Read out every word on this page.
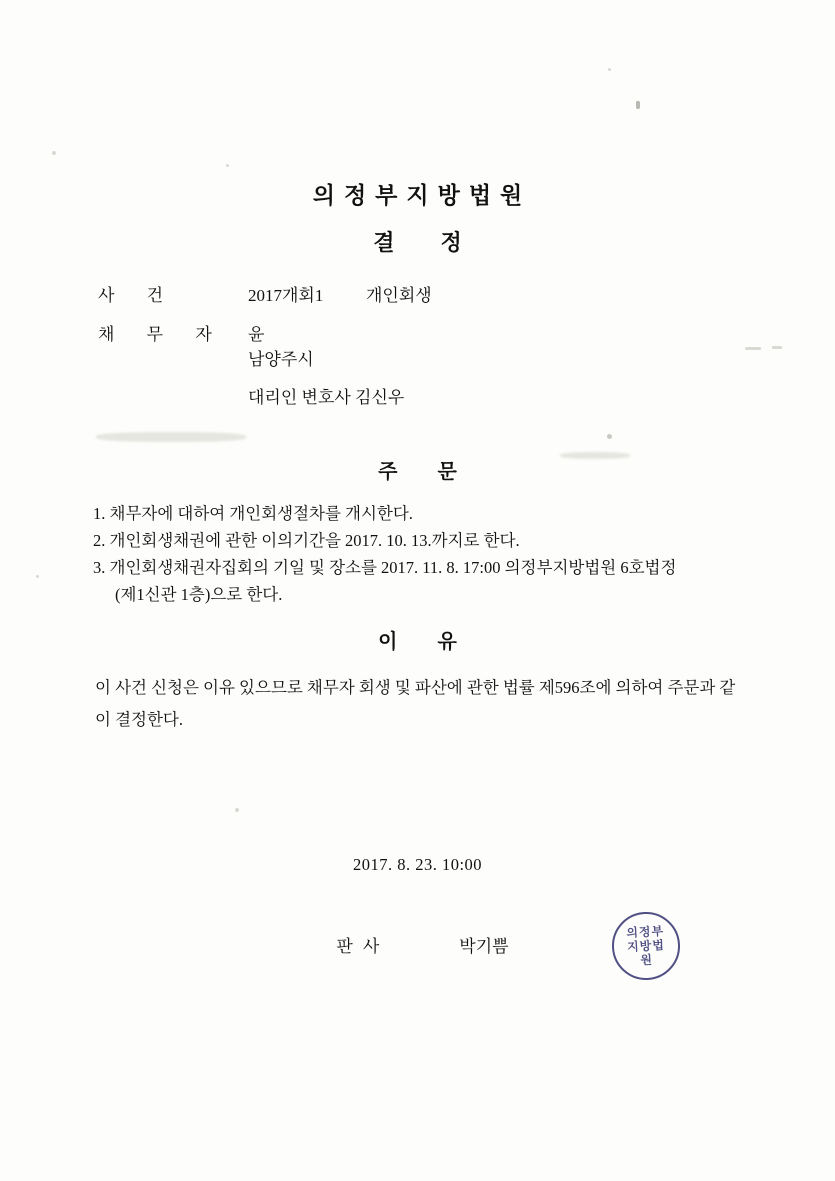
의정부지방법원
결정
사 건	2017개회1	개인회생
채 무 자 윤
남양주시
대리인 변호사 김신우
주문

1. 채무자에 대하여 개인회생절차를 개시한다.

2. 개인회생채권에 관한 이의기간을 2017. 10. 13.까지로 한다.

3. 개인회생채권자집회의 기일 및 장소를 2017. 11. 8. 17:00 의정부지방법원 6호법정

(제1신관 1층)으로 한다.

이유

이 사건 신청은 이유 있으므로 채무자 회생 및 파산에 관한 법률 제596조에 의하여 주문과 같이 결정한다.

2017. 8. 23. 10:00
판사	박기쁨
의정부지방법원
